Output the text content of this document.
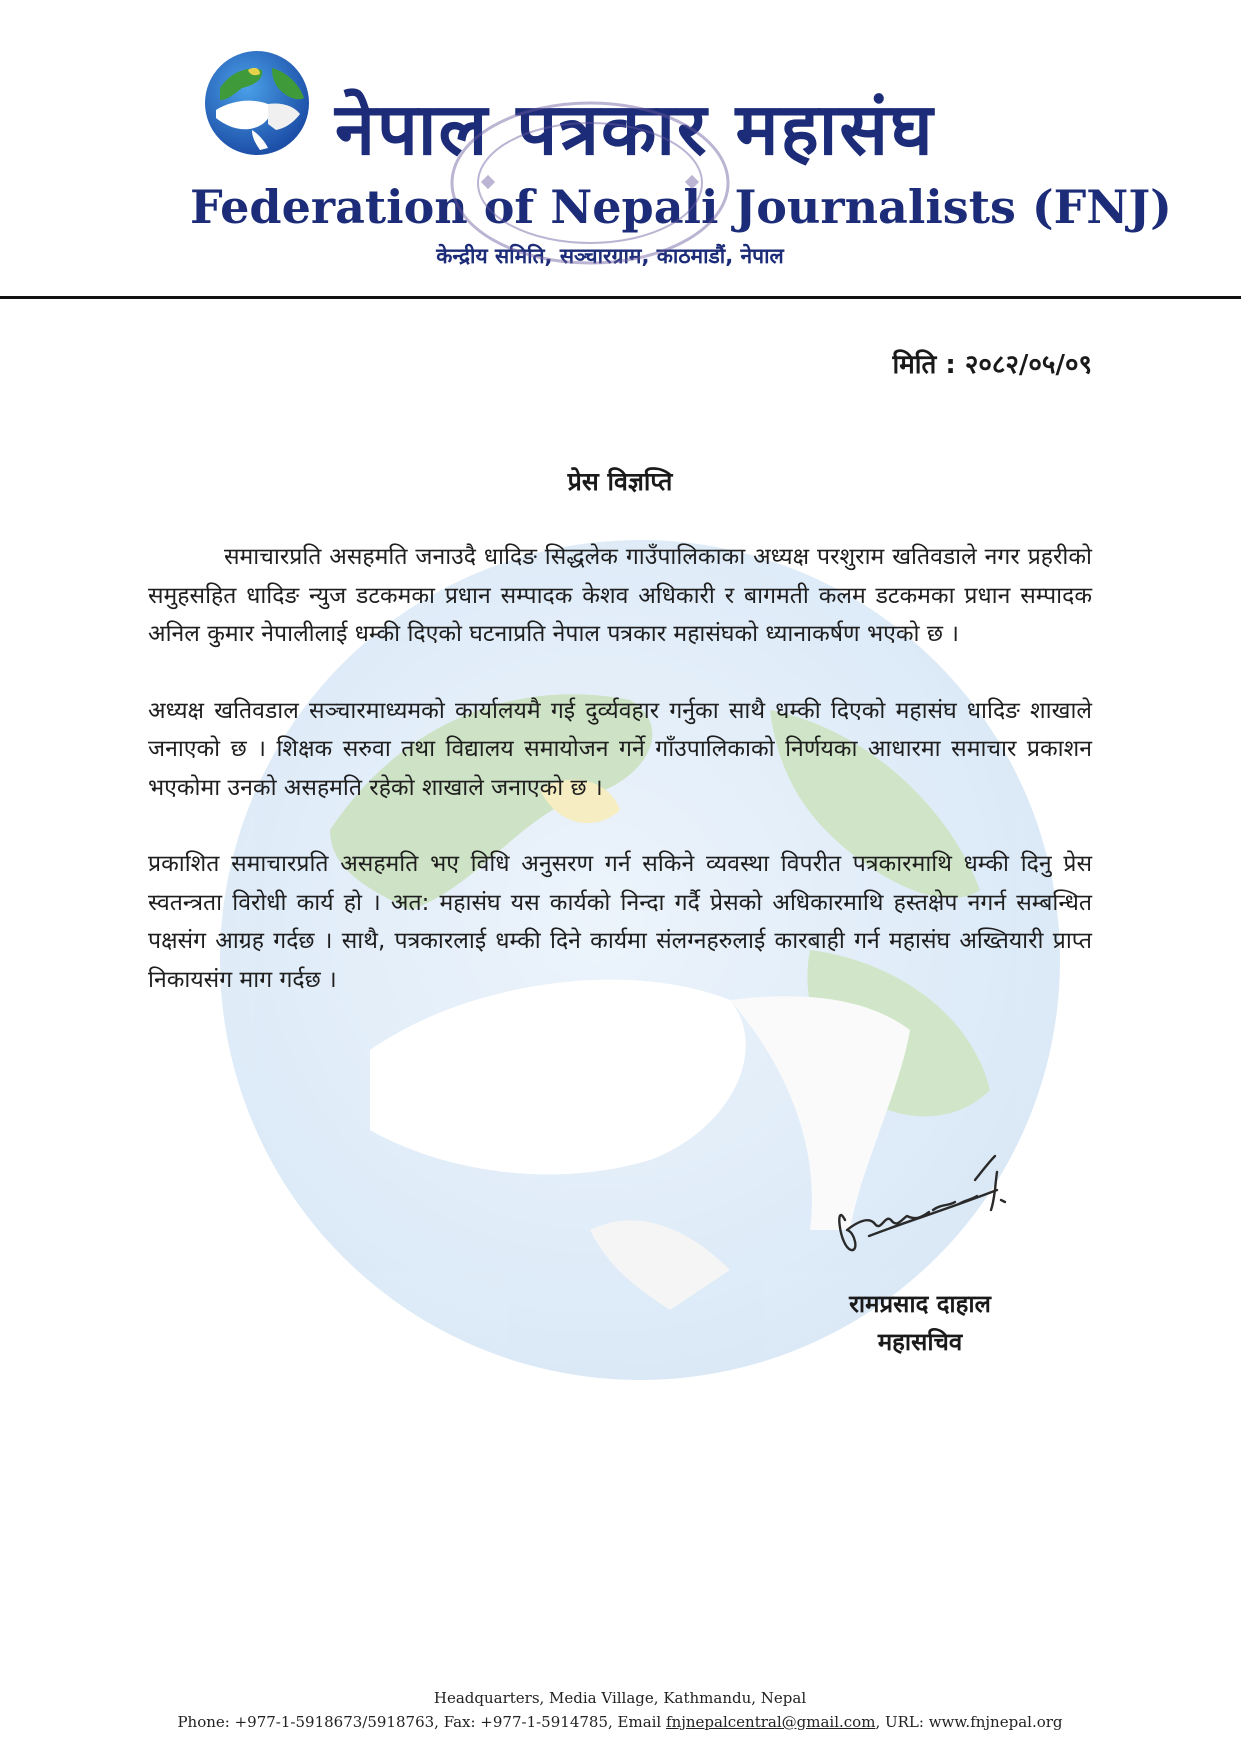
नेपाल पत्रकार महासंघ
Federation of Nepali Journalists (FNJ)
केन्द्रीय समिति, सञ्चारग्राम, काठमाडौं, नेपाल
मिति : २०८२/०५/०९
प्रेस विज्ञप्ति

समाचारप्रति असहमति जनाउदै धादिङ सिद्धलेक गाउँपालिकाका अध्यक्ष परशुराम खतिवडाले नगर प्रहरीको समुहसहित धादिङ न्युज डटकमका प्रधान सम्पादक केशव अधिकारी र बागमती कलम डटकमका प्रधान सम्पादक अनिल कुमार नेपालीलाई धम्की दिएको घटनाप्रति नेपाल पत्रकार महासंघको ध्यानाकर्षण भएको छ ।

अध्यक्ष खतिवडाल सञ्चारमाध्यमको कार्यालयमै गई दुर्व्यवहार गर्नुका साथै धम्की दिएको महासंघ धादिङ शाखाले जनाएको छ । शिक्षक सरुवा तथा विद्यालय समायोजन गर्ने गाँउपालिकाको निर्णयका आधारमा समाचार प्रकाशन भएकोमा उनको असहमति रहेको शाखाले जनाएको छ ।

प्रकाशित समाचारप्रति असहमति भए विधि अनुसरण गर्न सकिने व्यवस्था विपरीत पत्रकारमाथि धम्की दिनु प्रेस स्वतन्त्रता विरोधी कार्य हो । अत: महासंघ यस कार्यको निन्दा गर्दै प्रेसको अधिकारमाथि हस्तक्षेप नगर्न सम्बन्धित पक्षसंग आग्रह गर्दछ । साथै, पत्रकारलाई धम्की दिने कार्यमा संलग्नहरुलाई कारबाही गर्न महासंघ अख्तियारी प्राप्त निकायसंग माग गर्दछ ।

रामप्रसाद दाहाल
महासचिव
Headquarters, Media Village, Kathmandu, Nepal
Phone: +977-1-5918673/5918763, Fax: +977-1-5914785, Email fnjnepalcentral@gmail.com, URL: www.fnjnepal.org
